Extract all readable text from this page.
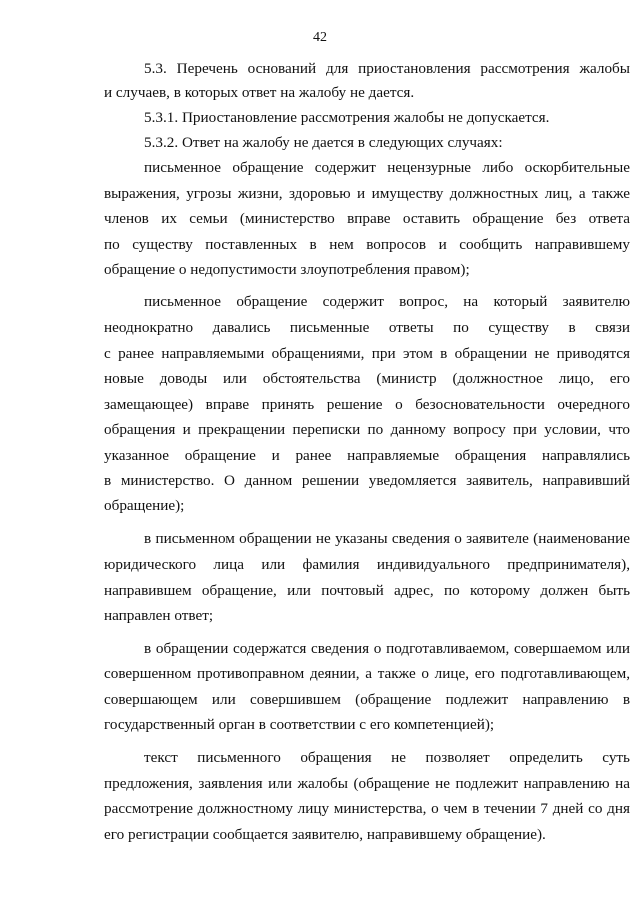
42
5.3. Перечень оснований для приостановления рассмотрения жалобы
и случаев, в которых ответ на жалобу не дается.
5.3.1. Приостановление рассмотрения жалобы не допускается.
5.3.2. Ответ на жалобу не дается в следующих случаях:
письменное обращение содержит нецензурные либо оскорбительные
выражения, угрозы жизни, здоровью и имуществу должностных лиц, а также
членов их семьи (министерство вправе оставить обращение без ответа
по существу поставленных в нем вопросов и сообщить направившему
обращение о недопустимости злоупотребления правом);
письменное обращение содержит вопрос, на который заявителю
неоднократно давались письменные ответы по существу в связи
с ранее направляемыми обращениями, при этом в обращении не приводятся
новые доводы или обстоятельства (министр (должностное лицо, его
замещающее) вправе принять решение о безосновательности очередного
обращения и прекращении переписки по данному вопросу при условии, что
указанное обращение и ранее направляемые обращения направлялись
в министерство. О данном решении уведомляется заявитель, направивший
обращение);
в письменном обращении не указаны сведения о заявителе (наименование
юридического лица или фамилия индивидуального предпринимателя),
направившем обращение, или почтовый адрес, по которому должен быть
направлен ответ;
в обращении содержатся сведения о подготавливаемом, совершаемом или
совершенном противоправном деянии, а также о лице, его подготавливающем,
совершающем или совершившем (обращение подлежит направлению в
государственный орган в соответствии с его компетенцией);
текст письменного обращения не позволяет определить суть
предложения, заявления или жалобы (обращение не подлежит направлению на
рассмотрение должностному лицу министерства, о чем в течении 7 дней со дня
его регистрации сообщается заявителю, направившему обращение).
